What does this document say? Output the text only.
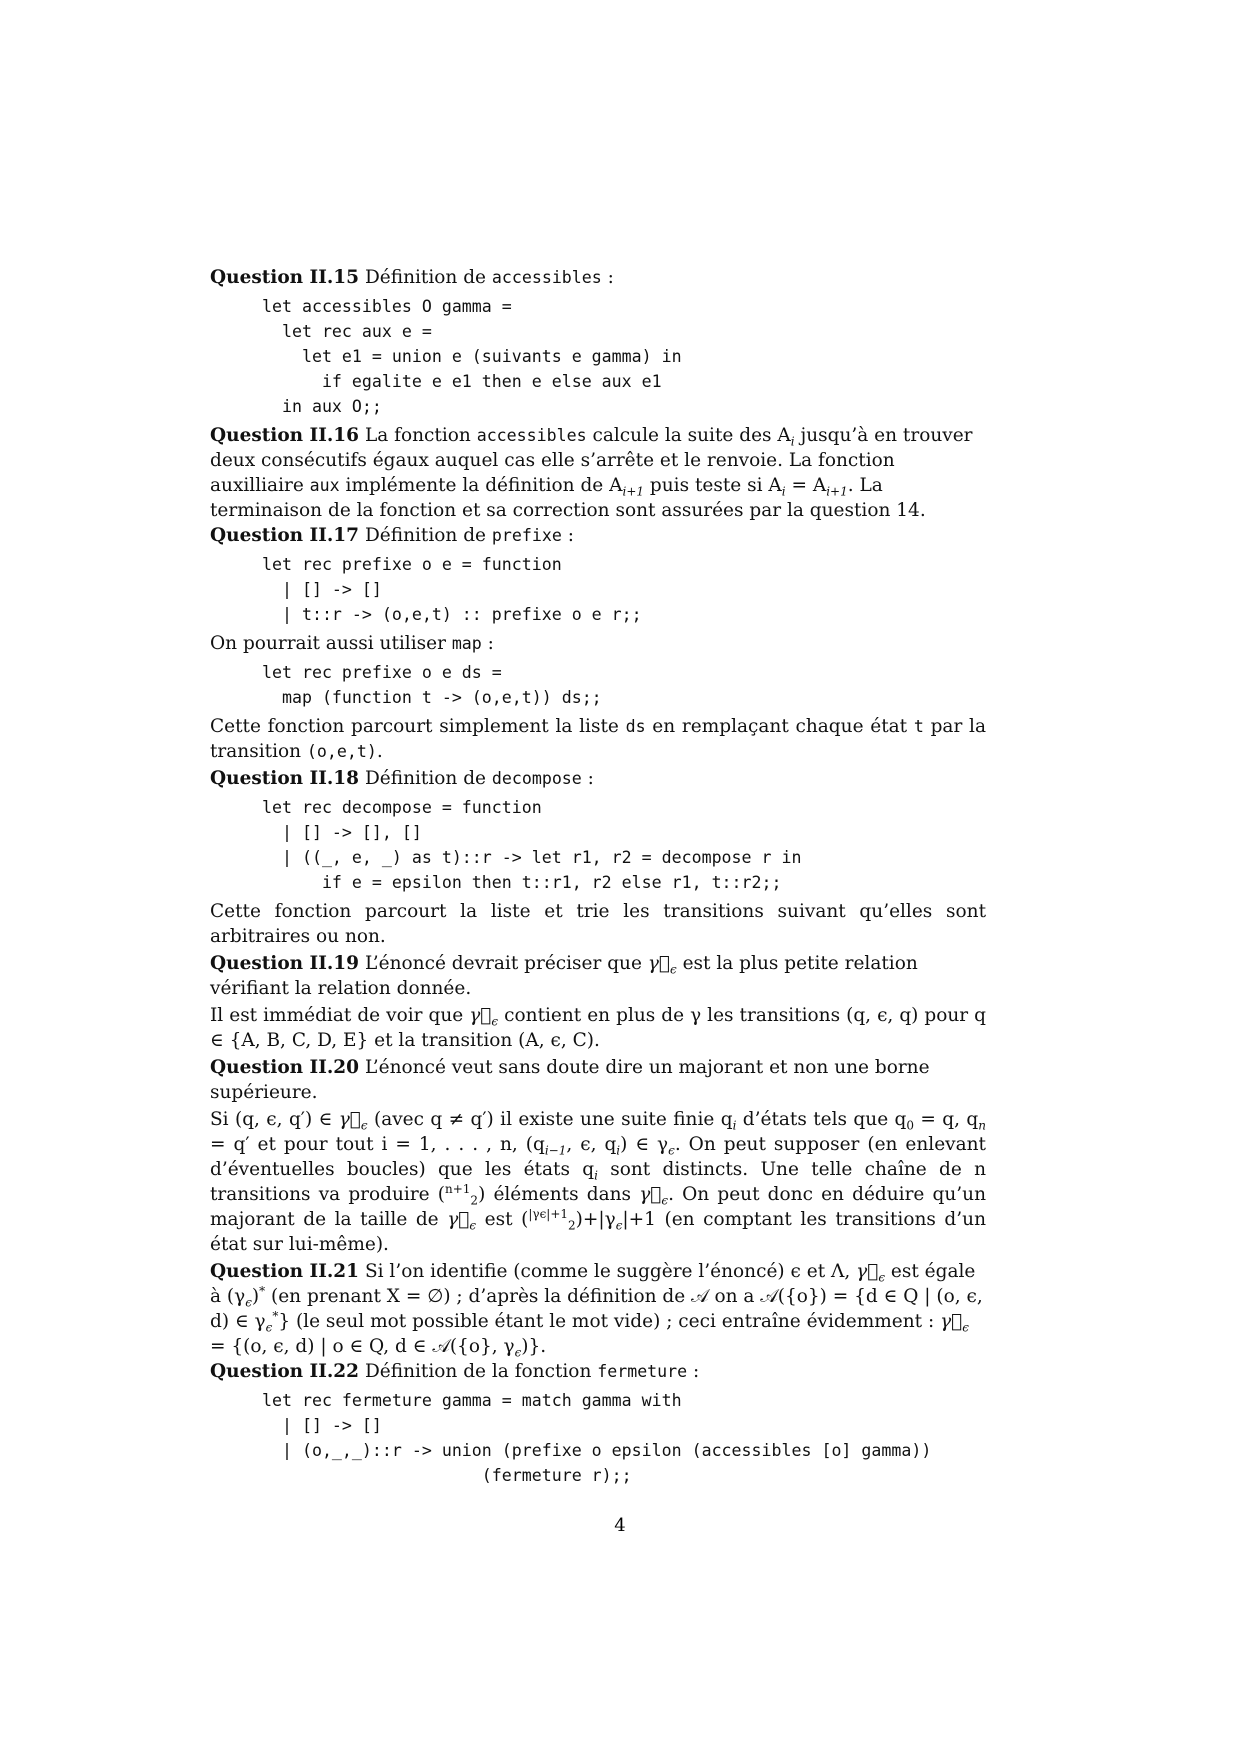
Question II.15 Définition de accessibles :

let accessibles O gamma =
let rec aux e =
let e1 = union e (suivants e gamma) in
if egalite e e1 then e else aux e1
in aux O;;

Question II.16 La fonction accessibles calcule la suite des $A_i$ jusqu’à en trouver deux consécutifs égaux auquel cas elle s’arrête et le renvoie. La fonction auxilliaire aux implémente la définition de $A_{i+1}$ puis teste si $A_i = A_{i+1}$. La terminaison de la fonction et sa correction sont assurées par la question 14.

Question II.17 Définition de prefixe :

let rec prefixe o e = function
| [] -> []
| t::r -> (o,e,t) :: prefixe o e r;;
On pourrait aussi utiliser map :
let rec prefixe o e ds =
map (function t -> (o,e,t)) ds;;
Cette fonction parcourt simplement la liste ds en remplaçant chaque état t par la transition (o,e,t).

Question II.18 Définition de decompose :

let rec decompose = function
| [] -> [], []
| ((_, e, _) as t)::r -> let r1, r2 = decompose r in
if e = epsilon then t::r1, r2 else r1, t::r2;;
Cette fonction parcourt la liste et trie les transitions suivant qu’elles sont arbitraires ou non.

Question II.19 L’énoncé devrait préciser que $\gamma⃗_\epsilon$ est la plus petite relation vérifiant la relation donnée.

Il est immédiat de voir que $\gamma⃗_\epsilon$ contient en plus de γ les transitions (q, ϵ, q) pour q ∈ {A, B, C, D, E} et la transition (A, ϵ, C).

Question II.20 L’énoncé veut sans doute dire un majorant et non une borne supérieure.

Si (q, ϵ, q′) ∈ $\gamma⃗_\epsilon$ (avec q ≠ q′) il existe une suite finie $q_i$ d’états tels que $q_0 = q$, $q_n = q'$ et pour tout i = 1, . . . , n, ($q_{i-1}$, ϵ, $q_i$) ∈ $\gamma_\epsilon$. On peut supposer (en enlevant d’éventuelles boucles) que les états $q_i$ sont distincts. Une telle chaîne de n transitions va produire ($^{n+1}_2$) éléments dans $\gamma⃗_\epsilon$. On peut donc en déduire qu’un majorant de la taille de $\gamma⃗_\epsilon$ est $(^{|\gamma\epsilon|+1}_2)+|\gamma_\epsilon|+1$ (en comptant les transitions d’un état sur lui-même).

Question II.21 Si l’on identifie (comme le suggère l’énoncé) ϵ et Λ, $\gamma⃗_\epsilon$ est égale à $(\gamma_\epsilon)^*$ (en prenant X = ∅) ; d’après la définition de 𝒜 on a 𝒜({o}) = {d ∈ Q | (o, ϵ, d) ∈ $\gamma_\epsilon^*$} (le seul mot possible étant le mot vide) ; ceci entraîne évidemment : $\gamma⃗_\epsilon = \{(o$, ϵ, d) | o ∈ Q, d ∈ 𝒜({o}, $\gamma_\epsilon$)}.

Question II.22 Définition de la fonction fermeture :

let rec fermeture gamma = match gamma with
| [] -> []
| (o,_,_)::r -> union (prefixe o epsilon (accessibles [o] gamma))
(fermeture r);;
4
